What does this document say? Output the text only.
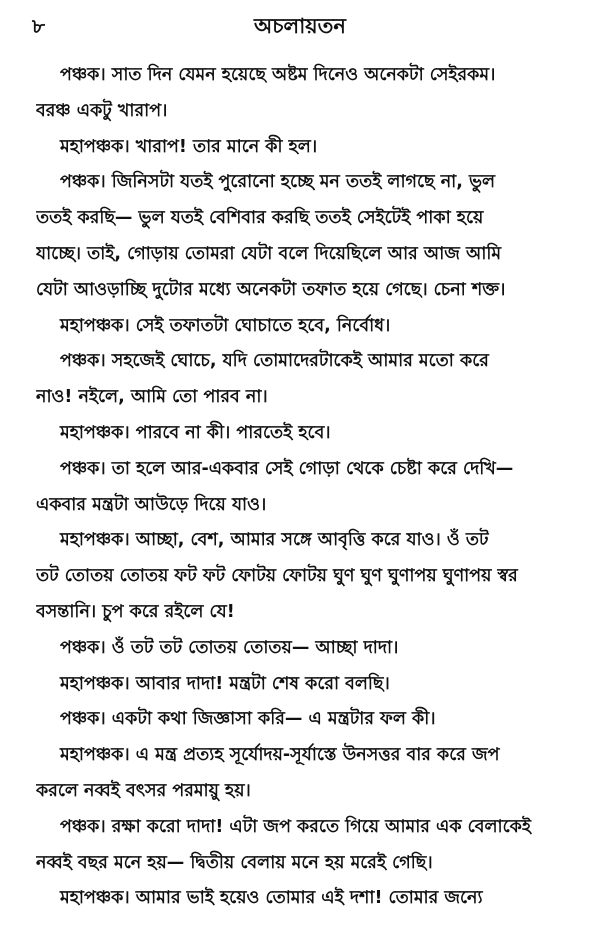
৮	অচলায়তন
পঞ্চক। সাত দিন যেমন হয়েছে অষ্টম দিনেও অনেকটা সেইরকম।
বরঞ্চ একটু খারাপ।
মহাপঞ্চক। খারাপ! তার মানে কী হল।
পঞ্চক। জিনিসটা যতই পুরোনো হচ্ছে মন ততই লাগছে না, ভুল
ততই করছি— ভুল যতই বেশিবার করছি ততই সেইটেই পাকা হয়ে
যাচ্ছে। তাই, গোড়ায় তোমরা যেটা বলে দিয়েছিলে আর আজ আমি
যেটা আওড়াচ্ছি দুটোর মধ্যে অনেকটা তফাত হয়ে গেছে। চেনা শক্ত।
মহাপঞ্চক। সেই তফাতটা ঘোচাতে হবে, নির্বোধ।
পঞ্চক। সহজেই ঘোচে, যদি তোমাদেরটাকেই আমার মতো করে
নাও! নইলে, আমি তো পারব না।
মহাপঞ্চক। পারবে না কী। পারতেই হবে।
পঞ্চক। তা হলে আর-একবার সেই গোড়া থেকে চেষ্টা করে দেখি—
একবার মন্ত্রটা আউড়ে দিয়ে যাও।
মহাপঞ্চক। আচ্ছা, বেশ, আমার সঙ্গে আবৃত্তি করে যাও। ওঁ তট
তট তোতয় তোতয় ফট ফট ফোটয় ফোটয় ঘুণ ঘুণ ঘুণাপয় ঘুণাপয় স্বর
বসন্তানি। চুপ করে রইলে যে!
পঞ্চক। ওঁ তট তট তোতয় তোতয়— আচ্ছা দাদা।
মহাপঞ্চক। আবার দাদা! মন্ত্রটা শেষ করো বলছি।
পঞ্চক। একটা কথা জিজ্ঞাসা করি— এ মন্ত্রটার ফল কী।
মহাপঞ্চক। এ মন্ত্র প্রত্যহ সূর্যোদয়-সূর্যাস্তে উনসত্তর বার করে জপ
করলে নব্বই বৎসর পরমায়ু হয়।
পঞ্চক। রক্ষা করো দাদা! এটা জপ করতে গিয়ে আমার এক বেলাকেই
নব্বই বছর মনে হয়— দ্বিতীয় বেলায় মনে হয় মরেই গেছি।
মহাপঞ্চক। আমার ভাই হয়েও তোমার এই দশা! তোমার জন্যে
